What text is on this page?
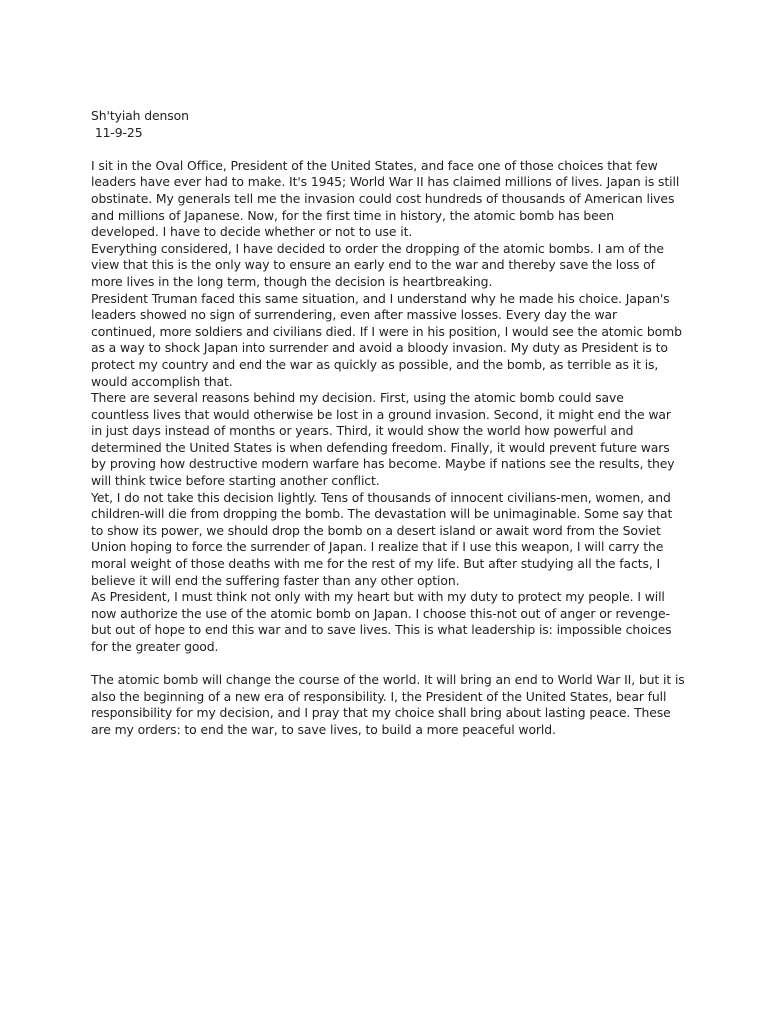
Sh'tyiah denson

11-9-25

I sit in the Oval Office, President of the United States, and face one of those choices that few leaders have ever had to make. It's 1945; World War II has claimed millions of lives. Japan is still obstinate. My generals tell me the invasion could cost hundreds of thousands of American lives and millions of Japanese. Now, for the first time in history, the atomic bomb has been developed. I have to decide whether or not to use it.

Everything considered, I have decided to order the dropping of the atomic bombs. I am of the view that this is the only way to ensure an early end to the war and thereby save the loss of more lives in the long term, though the decision is heartbreaking.

President Truman faced this same situation, and I understand why he made his choice. Japan's leaders showed no sign of surrendering, even after massive losses. Every day the war continued, more soldiers and civilians died. If I were in his position, I would see the atomic bomb as a way to shock Japan into surrender and avoid a bloody invasion. My duty as President is to protect my country and end the war as quickly as possible, and the bomb, as terrible as it is, would accomplish that.

There are several reasons behind my decision. First, using the atomic bomb could save countless lives that would otherwise be lost in a ground invasion. Second, it might end the war in just days instead of months or years. Third, it would show the world how powerful and determined the United States is when defending freedom. Finally, it would prevent future wars by proving how destructive modern warfare has become. Maybe if nations see the results, they will think twice before starting another conflict.

Yet, I do not take this decision lightly. Tens of thousands of innocent civilians-men, women, and children-will die from dropping the bomb. The devastation will be unimaginable. Some say that to show its power, we should drop the bomb on a desert island or await word from the Soviet Union hoping to force the surrender of Japan. I realize that if I use this weapon, I will carry the moral weight of those deaths with me for the rest of my life. But after studying all the facts, I believe it will end the suffering faster than any other option.

As President, I must think not only with my heart but with my duty to protect my people. I will now authorize the use of the atomic bomb on Japan. I choose this-not out of anger or revenge-but out of hope to end this war and to save lives. This is what leadership is: impossible choices for the greater good.

The atomic bomb will change the course of the world. It will bring an end to World War II, but it is also the beginning of a new era of responsibility. I, the President of the United States, bear full responsibility for my decision, and I pray that my choice shall bring about lasting peace. These are my orders: to end the war, to save lives, to build a more peaceful world.
